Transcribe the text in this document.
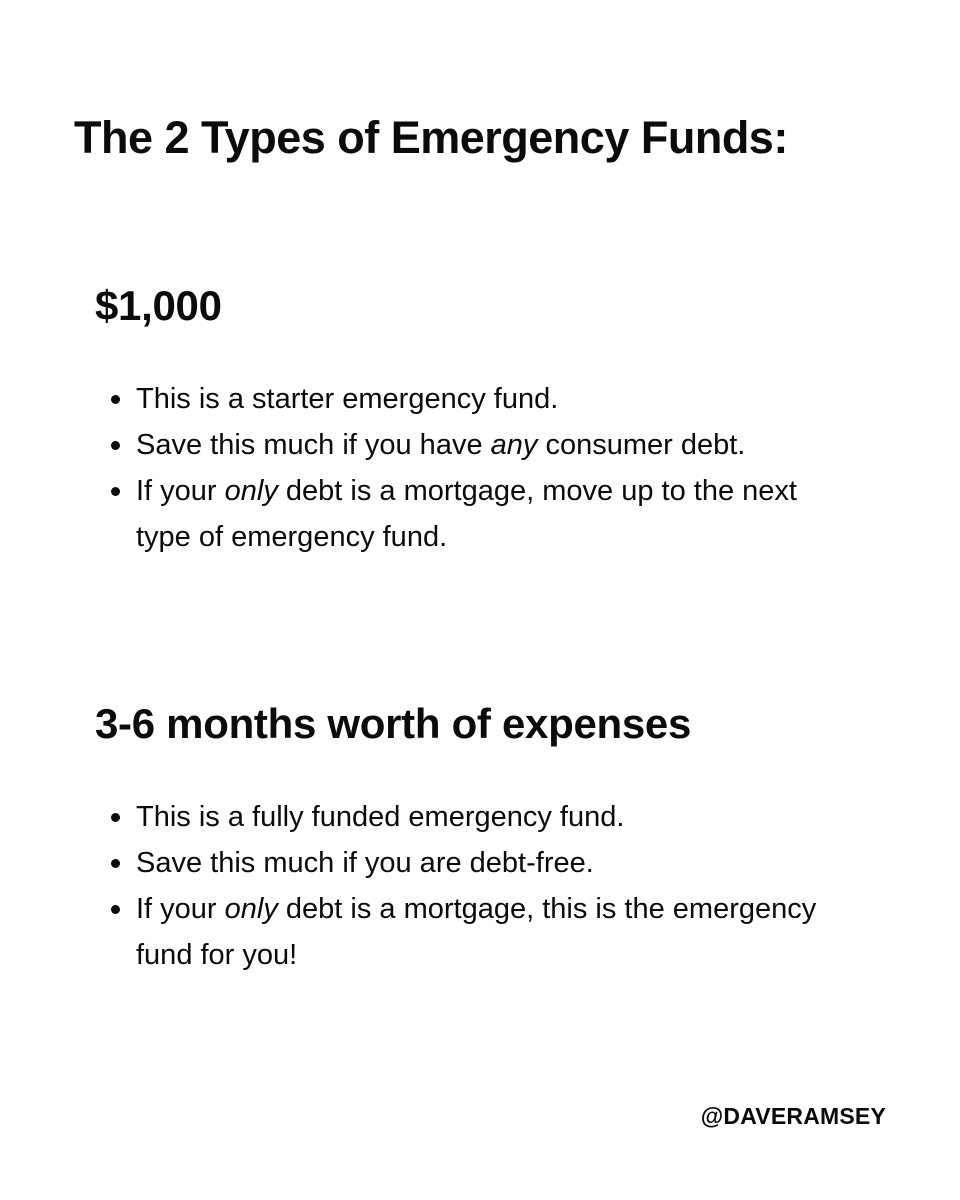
The 2 Types of Emergency Funds:
$1,000
This is a starter emergency fund.
Save this much if you have any consumer debt.
If your only debt is a mortgage, move up to the next type of emergency fund.
3-6 months worth of expenses
This is a fully funded emergency fund.
Save this much if you are debt-free.
If your only debt is a mortgage, this is the emergency fund for you!
@DAVERAMSEY
